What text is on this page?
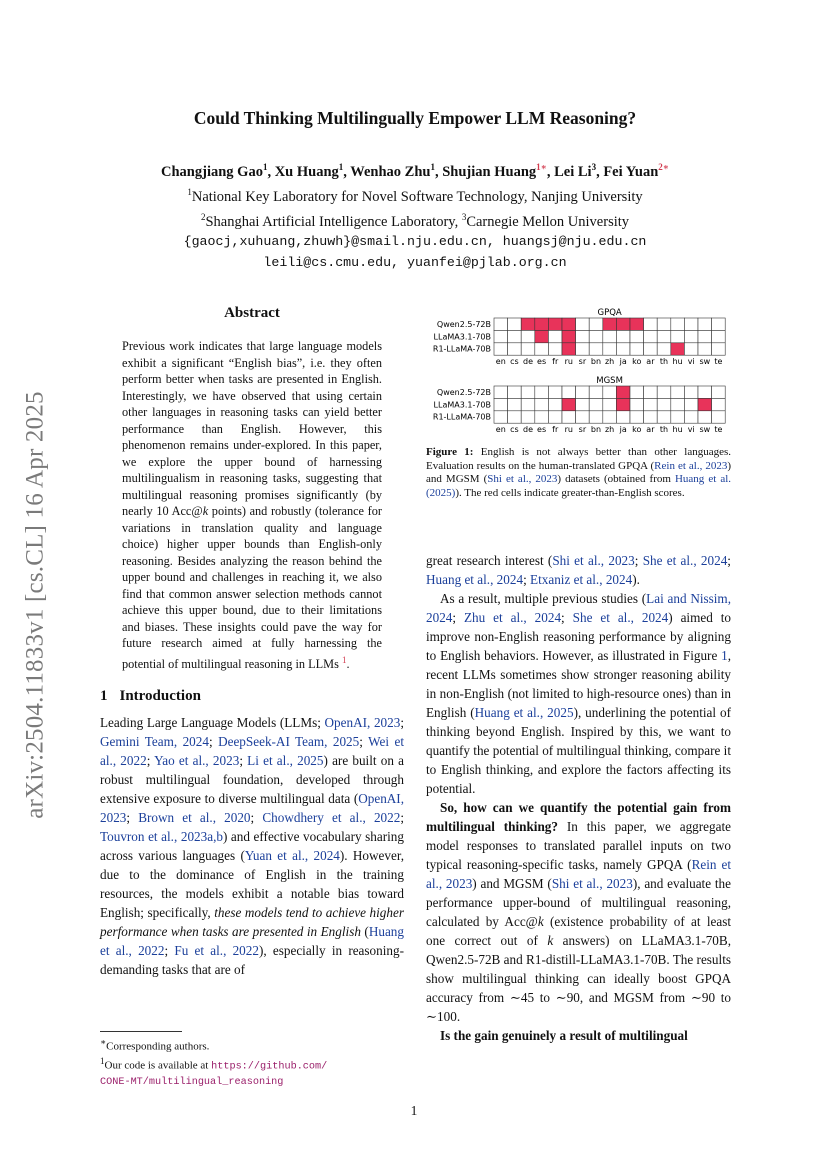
arXiv:2504.11833v1 [cs.CL] 16 Apr 2025
Could Thinking Multilingually Empower LLM Reasoning?
Changjiang Gao$^1$, Xu Huang$^1$, Wenhao Zhu$^1$, Shujian Huang$^{1∗}$, Lei Li$^3$, Fei Yuan$^{2∗}$
$^1$National Key Laboratory for Novel Software Technology, Nanjing University
$^2$Shanghai Artificial Intelligence Laboratory, $^3$Carnegie Mellon University
{gaocj,xuhuang,zhuwh}@smail.nju.edu.cn, huangsj@nju.edu.cn
leili@cs.cmu.edu, yuanfei@pjlab.org.cn
Abstract
Previous work indicates that large language models exhibit a significant “English bias”, i.e. they often perform better when tasks are presented in English. Interestingly, we have observed that using certain other languages in reasoning tasks can yield better performance than English. However, this phenomenon remains under-explored. In this paper, we explore the upper bound of harnessing multilingualism in reasoning tasks, suggesting that multilingual reasoning promises significantly (by nearly 10 Acc@k points) and robustly (tolerance for variations in translation quality and language choice) higher upper bounds than English-only reasoning. Besides analyzing the reason behind the upper bound and challenges in reaching it, we also find that common answer selection methods cannot achieve this upper bound, due to their limitations and biases. These insights could pave the way for future research aimed at fully harnessing the potential of multilingual reasoning in LLMs $^1$.
1 Introduction

Leading Large Language Models (LLMs; OpenAI, 2023; Gemini Team, 2024; DeepSeek-AI Team, 2025; Wei et al., 2022; Yao et al., 2023; Li et al., 2025) are built on a robust multilingual foundation, developed through extensive exposure to diverse multilingual data (OpenAI, 2023; Brown et al., 2020; Chowdhery et al., 2022; Touvron et al., 2023a,b) and effective vocabulary sharing across various languages (Yuan et al., 2024). However, due to the dominance of English in the training resources, the models exhibit a notable bias toward English; specifically, these models tend to achieve higher performance when tasks are presented in English (Huang et al., 2022; Fu et al., 2022), especially in reasoning-demanding tasks that are of

∗Corresponding authors.
$^1$Our code is available at https://github.com/
CONE-MT/multilingual_reasoning
GPQA
Qwen2.5-72B
LLaMA3.1-70B
R1-LLaMA-70B
en cs de es fr ru sr bn zh ja ko ar th hu vi sw te
MGSM
Qwen2.5-72B
LLaMA3.1-70B
R1-LLaMA-70B
en cs de es fr ru sr bn zh ja ko ar th hu vi sw te
Figure 1: English is not always better than other languages. Evaluation results on the human-translated GPQA (Rein et al., 2023) and MGSM (Shi et al., 2023) datasets (obtained from Huang et al. (2025)). The red cells indicate greater-than-English scores.

great research interest (Shi et al., 2023; She et al., 2024; Huang et al., 2024; Etxaniz et al., 2024).

As a result, multiple previous studies (Lai and Nissim, 2024; Zhu et al., 2024; She et al., 2024) aimed to improve non-English reasoning performance by aligning to English behaviors. However, as illustrated in Figure 1, recent LLMs sometimes show stronger reasoning ability in non-English (not limited to high-resource ones) than in English (Huang et al., 2025), underlining the potential of thinking beyond English. Inspired by this, we want to quantify the potential of multilingual thinking, compare it to English thinking, and explore the factors affecting its potential.

So, how can we quantify the potential gain from multilingual thinking? In this paper, we aggregate model responses to translated parallel inputs on two typical reasoning-specific tasks, namely GPQA (Rein et al., 2023) and MGSM (Shi et al., 2023), and evaluate the performance upper-bound of multilingual reasoning, calculated by Acc@k (existence probability of at least one correct out of k answers) on LLaMA3.1-70B, Qwen2.5-72B and R1-distill-LLaMA3.1-70B. The results show multilingual thinking can ideally boost GPQA accuracy from ∼45 to ∼90, and MGSM from ∼90 to ∼100.

Is the gain genuinely a result of multilingual

1
